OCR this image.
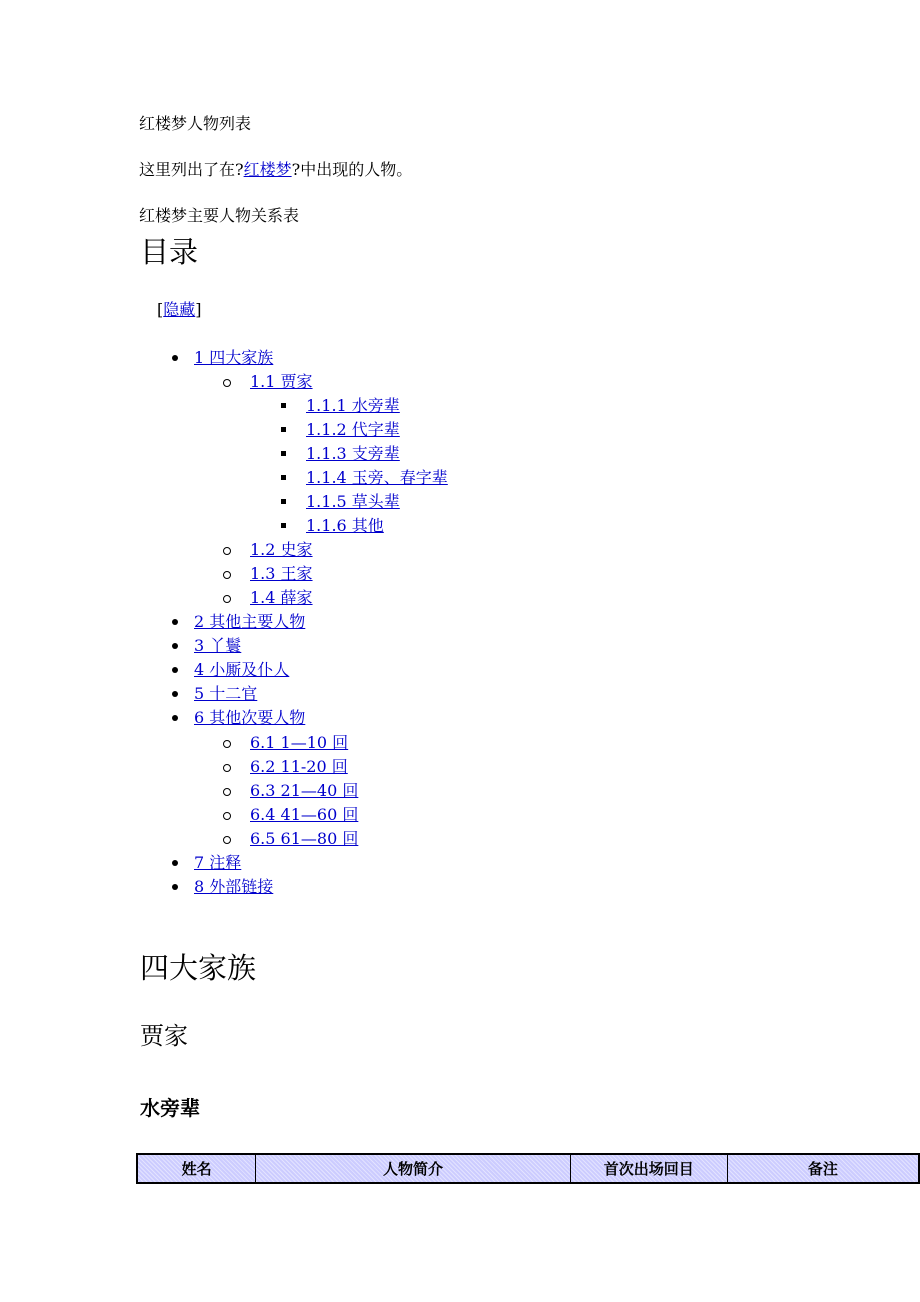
红楼梦人物列表
这里列出了在?红楼梦?中出现的人物。
红楼梦主要人物关系表
目录
[隐藏]
1 四大家族
1.1 贾家
1.1.1 水旁辈
1.1.2 代字辈
1.1.3 支旁辈
1.1.4 玉旁、春字辈
1.1.5 草头辈
1.1.6 其他
1.2 史家
1.3 王家
1.4 薛家
2 其他主要人物
3 丫鬟
4 小厮及仆人
5 十二官
6 其他次要人物
6.1 1—10 回
6.2 11-20 回
6.3 21—40 回
6.4 41—60 回
6.5 61—80 回
7 注释
8 外部链接
四大家族
贾家
水旁辈
姓名	人物简介	首次出场回目	备注
